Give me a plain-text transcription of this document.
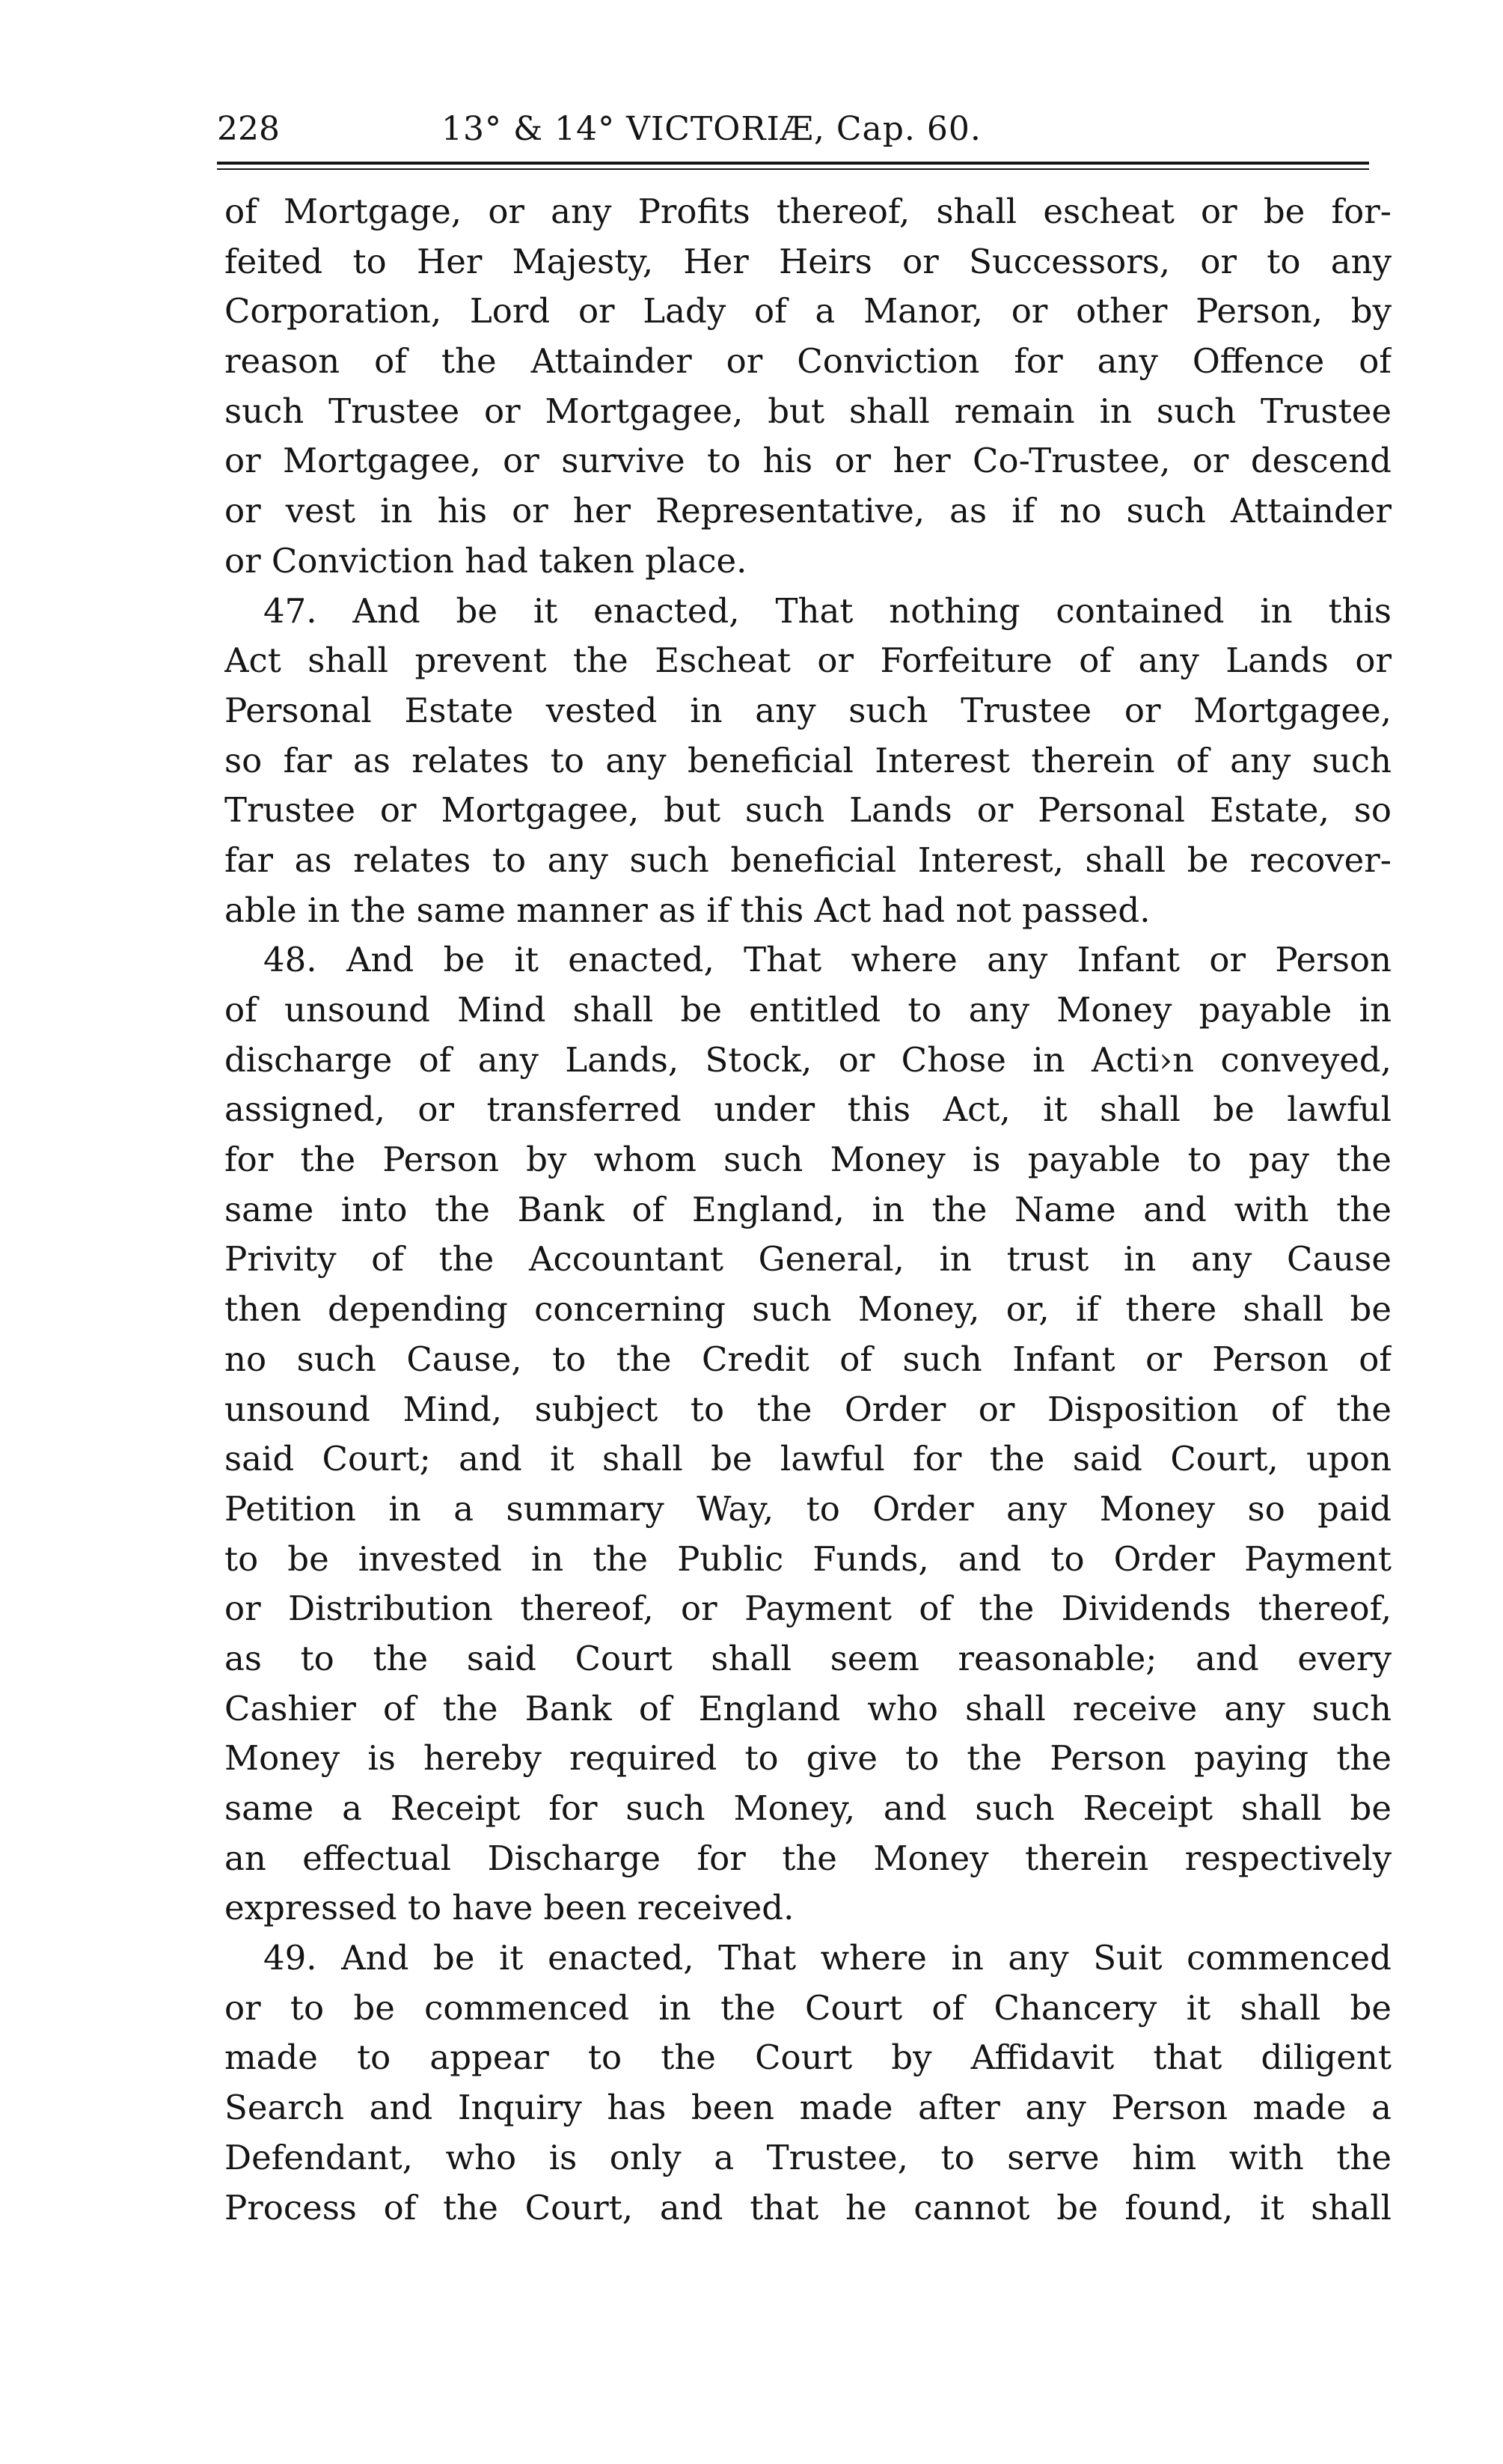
228	13° & 14° VICTORIÆ, Cap. 60.
of Mortgage, or any Profits thereof, shall escheat or be for-
feited to Her Majesty, Her Heirs or Successors, or to any
Corporation, Lord or Lady of a Manor, or other Person, by
reason of the Attainder or Conviction for any Offence of
such Trustee or Mortgagee, but shall remain in such Trustee
or Mortgagee, or survive to his or her Co-Trustee, or descend
or vest in his or her Representative, as if no such Attainder
or Conviction had taken place.
47. And be it enacted, That nothing contained in this
Act shall prevent the Escheat or Forfeiture of any Lands or
Personal Estate vested in any such Trustee or Mortgagee,
so far as relates to any beneficial Interest therein of any such
Trustee or Mortgagee, but such Lands or Personal Estate, so
far as relates to any such beneficial Interest, shall be recover-
able in the same manner as if this Act had not passed.
48. And be it enacted, That where any Infant or Person
of unsound Mind shall be entitled to any Money payable in
discharge of any Lands, Stock, or Chose in Acti›n conveyed,
assigned, or transferred under this Act, it shall be lawful
for the Person by whom such Money is payable to pay the
same into the Bank of England, in the Name and with the
Privity of the Accountant General, in trust in any Cause
then depending concerning such Money, or, if there shall be
no such Cause, to the Credit of such Infant or Person of
unsound Mind, subject to the Order or Disposition of the
said Court; and it shall be lawful for the said Court, upon
Petition in a summary Way, to Order any Money so paid
to be invested in the Public Funds, and to Order Payment
or Distribution thereof, or Payment of the Dividends thereof,
as to the said Court shall seem reasonable; and every
Cashier of the Bank of England who shall receive any such
Money is hereby required to give to the Person paying the
same a Receipt for such Money, and such Receipt shall be
an effectual Discharge for the Money therein respectively
expressed to have been received.
49. And be it enacted, That where in any Suit commenced
or to be commenced in the Court of Chancery it shall be
made to appear to the Court by Affidavit that diligent
Search and Inquiry has been made after any Person made a
Defendant, who is only a Trustee, to serve him with the
Process of the Court, and that he cannot be found, it shall
